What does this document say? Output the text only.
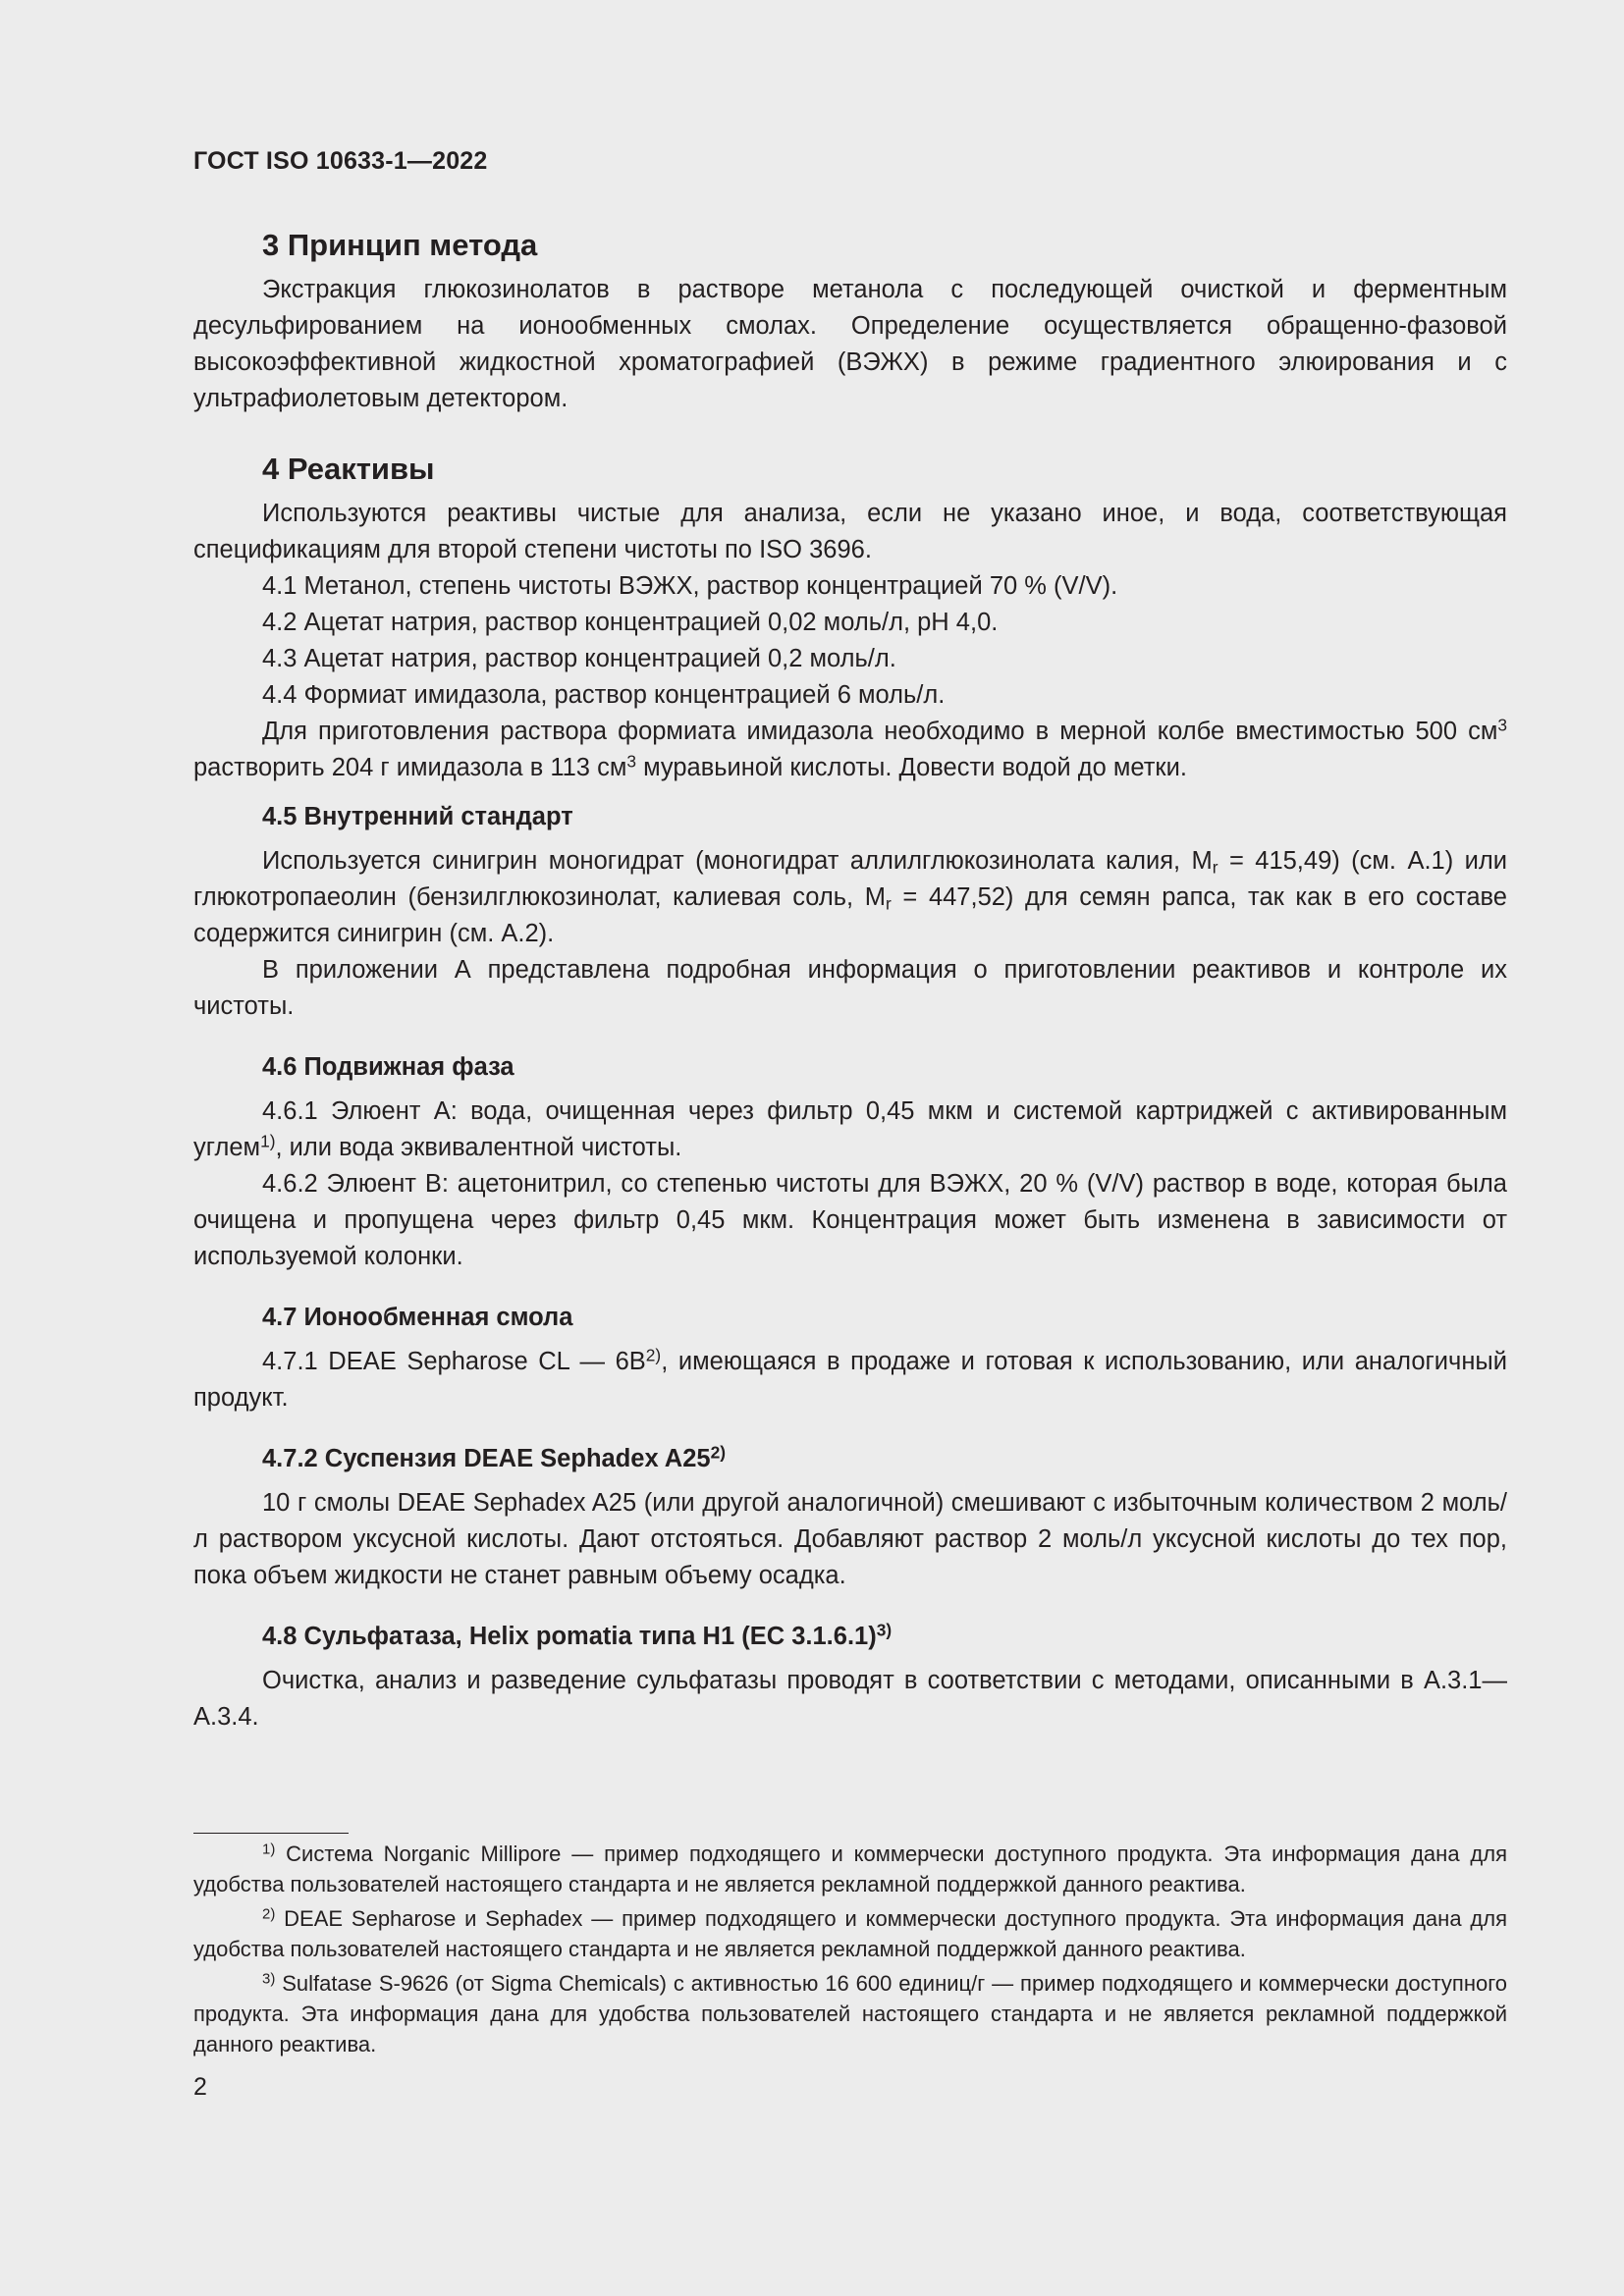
ГОСТ ISO 10633-1—2022
3 Принцип метода

Экстракция глюкозинолатов в растворе метанола с последующей очисткой и ферментным десульфированием на ионообменных смолах. Определение осуществляется обращенно-фазовой высокоэффективной жидкостной хроматографией (ВЭЖХ) в режиме градиентного элюирования и с ультрафиолетовым детектором.

4 Реактивы

Используются реактивы чистые для анализа, если не указано иное, и вода, соответствующая спецификациям для второй степени чистоты по ISO 3696.

4.1 Метанол, степень чистоты ВЭЖХ, раствор концентрацией 70 % (V/V).

4.2 Ацетат натрия, раствор концентрацией 0,02 моль/л, pH 4,0.

4.3 Ацетат натрия, раствор концентрацией 0,2 моль/л.

4.4 Формиат имидазола, раствор концентрацией 6 моль/л.

Для приготовления раствора формиата имидазола необходимо в мерной колбе вместимостью 500 $см^3$ растворить 204 г имидазола в 113 $см^3$ муравьиной кислоты. Довести водой до метки.

4.5 Внутренний стандарт

Используется синигрин моногидрат (моногидрат аллилглюкозинолата калия, $M_r = 415,49$) (см. А.1) или глюкотропаеолин (бензилглюкозинолат, калиевая соль, $M_r = 447,52$) для семян рапса, так как в его составе содержится синигрин (см. А.2).

В приложении А представлена подробная информация о приготовлении реактивов и контроле их чистоты.

4.6 Подвижная фаза

4.6.1 Элюент А: вода, очищенная через фильтр 0,45 мкм и системой картриджей с активированным углем$^{1)}$, или вода эквивалентной чистоты.

4.6.2 Элюент В: ацетонитрил, со степенью чистоты для ВЭЖХ, 20 % (V/V) раствор в воде, которая была очищена и пропущена через фильтр 0,45 мкм. Концентрация может быть изменена в зависимости от используемой колонки.

4.7 Ионообменная смола

4.7.1 DEAE Sepharose CL — $6B^{2)}$, имеющаяся в продаже и готовая к использованию, или аналогичный продукт.

4.7.2 Суспензия DEAE Sephadex A25$^{2)}$

10 г смолы DEAE Sephadex A25 (или другой аналогичной) смешивают с избыточным количеством 2 моль/л раствором уксусной кислоты. Дают отстояться. Добавляют раствор 2 моль/л уксусной кислоты до тех пор, пока объем жидкости не станет равным объему осадка.

4.8 Сульфатаза, Helix pomatia типа H1 (EC 3.1.6.1)$^{3)}$

Очистка, анализ и разведение сульфатазы проводят в соответствии с методами, описанными в А.3.1—А.3.4.

$^{1)}$ Система Norganic Millipore — пример подходящего и коммерчески доступного продукта. Эта информация дана для удобства пользователей настоящего стандарта и не является рекламной поддержкой данного реактива.

$^{2)}$ DEAE Sepharose и Sephadex — пример подходящего и коммерчески доступного продукта. Эта информация дана для удобства пользователей настоящего стандарта и не является рекламной поддержкой данного реактива.

$^{3)}$ Sulfatase S-9626 (от Sigma Chemicals) с активностью 16 600 единиц/г — пример подходящего и коммерчески доступного продукта. Эта информация дана для удобства пользователей настоящего стандарта и не является рекламной поддержкой данного реактива.

2
